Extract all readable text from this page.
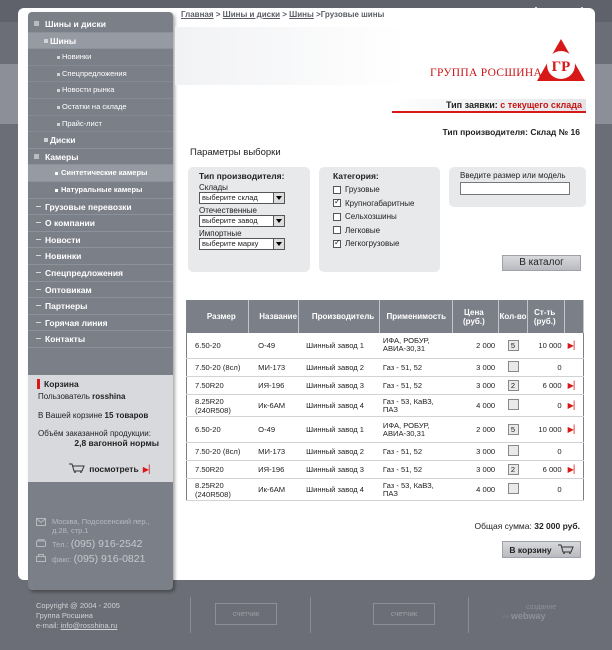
Главная > Шины и диски > Шины >Грузовые шины
Шины и диски
Шины
Новинки
Спецпредложения
Новости рынка
Остатки на складе
Прайс-лист
Диски
Камеры
Синтетические камеры
Натуральные камеры
Грузовые перевозки
О компании
Новости
Новинки
Спецпредложения
Оптовикам
Партнеры
Горячая линия
Контакты
Корзина
Пользователь rosshina
В Вашей корзине 15 товаров
Объём заказанной продукции:
2,8 вагонной нормы
посмотреть ▶▏
Москва, Подсосенский пер., д.28, стр.1
Тел.: (095) 916-2542
факс: (095) 916-0821
Copyright @ 2004 - 2005
Группа Росшина
e-mail: info@rosshina.ru
счетчик	счетчик
создание
〰 webway
ГРУППА РОСШИНА ГР
Тип заявки: с текущего склада
Тип производителя: Склад № 16
Параметры выборки
Тип производителя:
Склады
выберите склад
Отечественные
выберите завод
Импортные
выберите марку
Категория:
Грузовые
✓
Крупногабаритные
Сельхозшины
Легковые
✓
Легкогрузовые
Введите размер или модель
В каталог
Размер	Название	Производитель	Применимость	Цена (руб.)	Кол-во	Ст-ть (руб.)	
6.50-20	О-49	Шинный завод 1	ИФА, РОБУР, АВИА-30,31	2 000	5	10 000	▶▏
7.50-20 (8сл)	МИ-173	Шинный завод 2	Газ - 51, 52	3 000		0	
7.50R20	ИЯ-196	Шинный завод 3	Газ - 51, 52	3 000	2	6 000	▶▏
8.25R20 (240R508)	Ик-6АМ	Шинный завод 4	Газ - 53, КаВЗ, ПАЗ	4 000		0	▶▏
6.50-20	О-49	Шинный завод 1	ИФА, РОБУР, АВИА-30,31	2 000	5	10 000	▶▏
7.50-20 (8сл)	МИ-173	Шинный завод 2	Газ - 51, 52	3 000		0	
7.50R20	ИЯ-196	Шинный завод 3	Газ - 51, 52	3 000	2	6 000	▶▏
8.25R20 (240R508)	Ик-6АМ	Шинный завод 4	Газ - 53, КаВЗ, ПАЗ	4 000		0	
Общая сумма: 32 000 руб.
В корзину
